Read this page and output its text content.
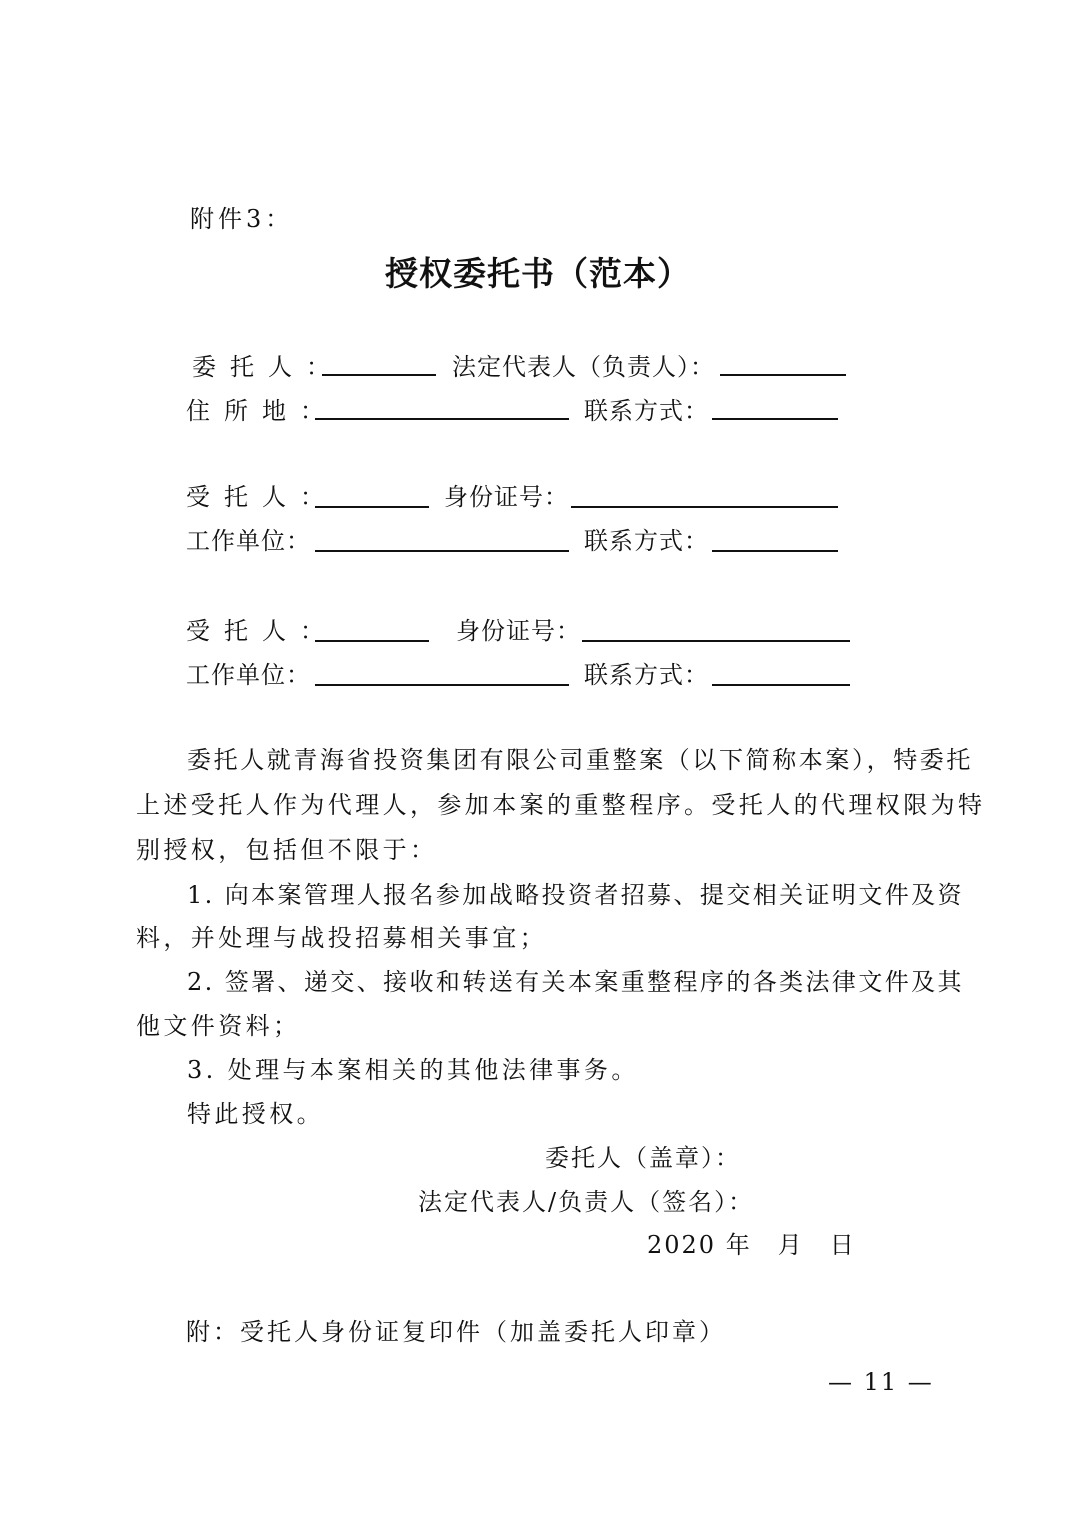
附件3：
授权委托书（范本）
委托人：	法定代表人（负责人）：
住所地：	联系方式：
受托人：	身份证号：
工作单位：	联系方式：
受托人：	身份证号：
工作单位：	联系方式：
委托人就青海省投资集团有限公司重整案（以下简称本案），特委托
上述受托人作为代理人，参加本案的重整程序。受托人的代理权限为特
别授权，包括但不限于：
1. 向本案管理人报名参加战略投资者招募、提交相关证明文件及资
料，并处理与战投招募相关事宜；
2. 签署、递交、接收和转送有关本案重整程序的各类法律文件及其
他文件资料；
3. 处理与本案相关的其他法律事务。
特此授权。
委托人（盖章）：
法定代表人/负责人（签名）：
2020 年　月　日
附：受托人身份证复印件（加盖委托人印章）
— 11 —
